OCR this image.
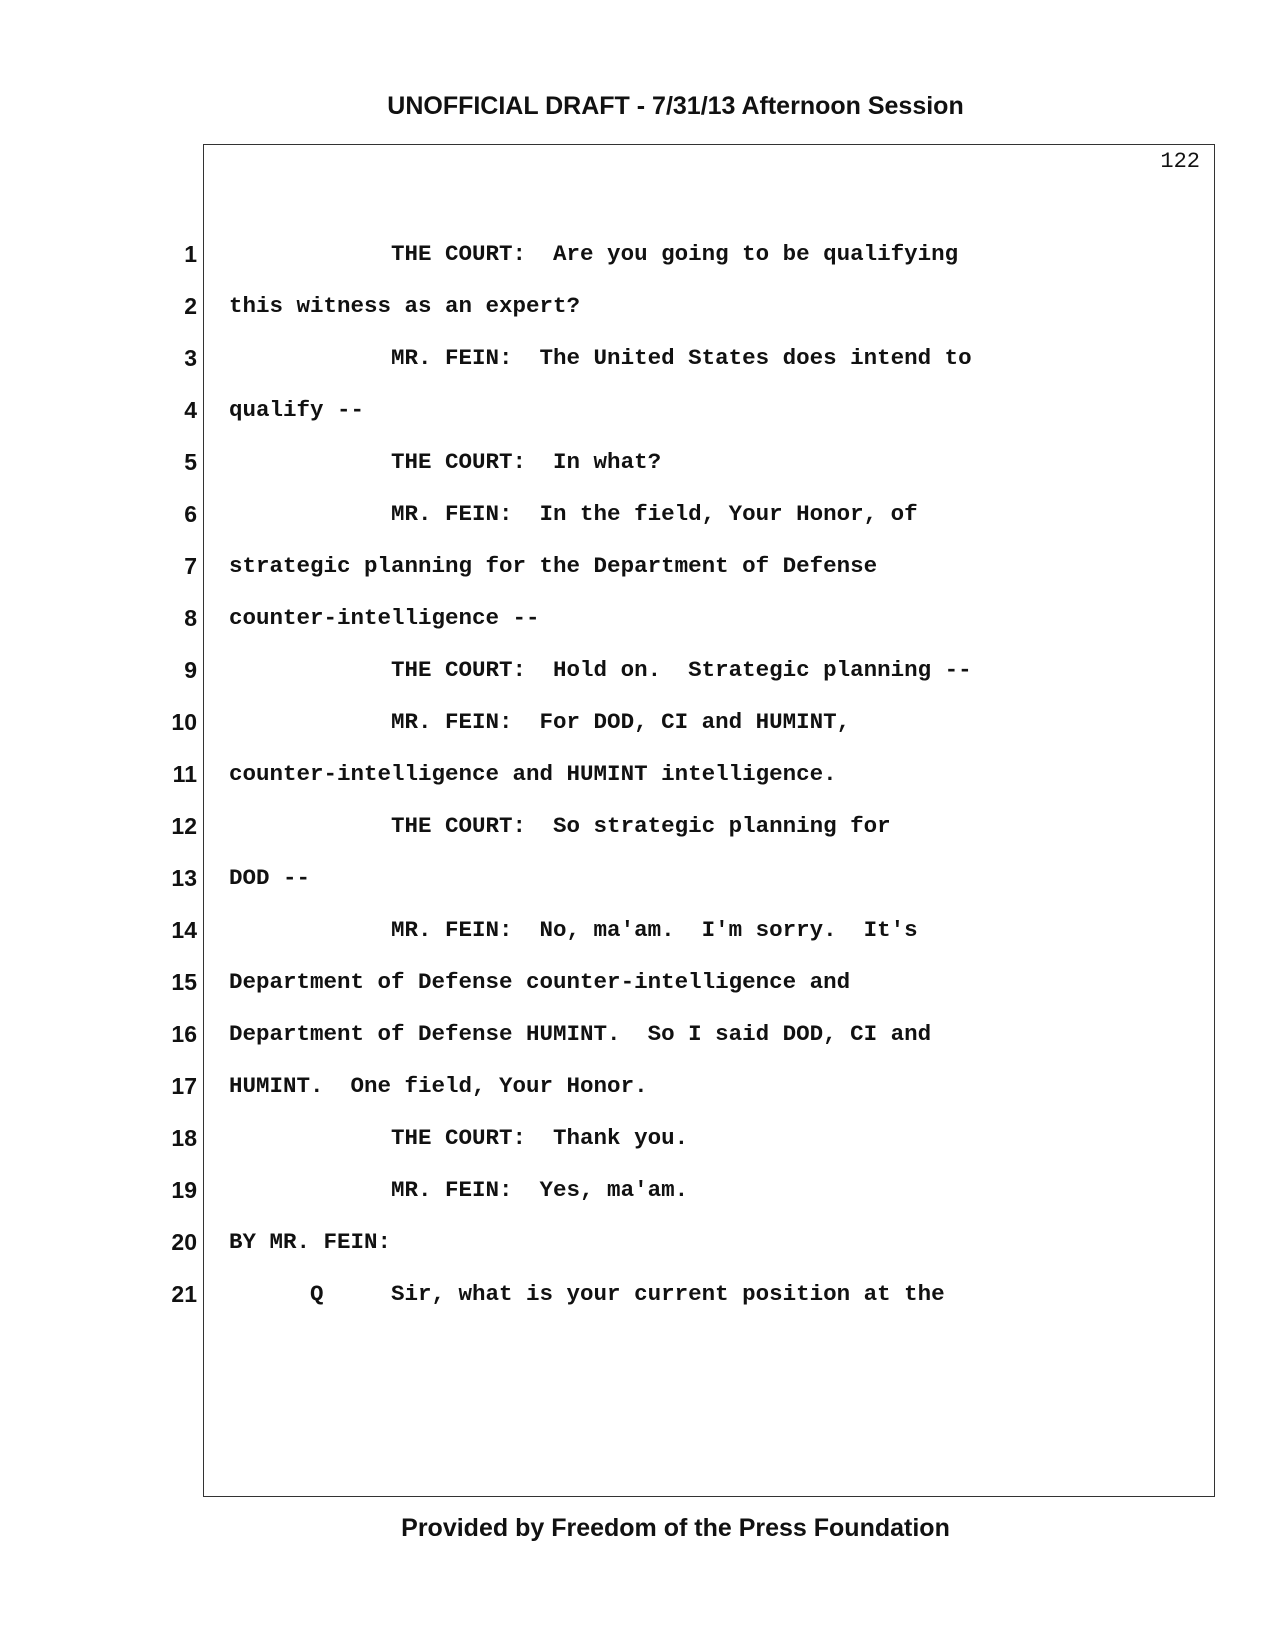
UNOFFICIAL DRAFT - 7/31/13 Afternoon Session
122
1 THE COURT:  Are you going to be qualifying
2 this witness as an expert?
3 MR. FEIN:  The United States does intend to
4 qualify --
5 THE COURT:  In what?
6 MR. FEIN:  In the field, Your Honor, of
7 strategic planning for the Department of Defense
8 counter-intelligence --
9 THE COURT:  Hold on.  Strategic planning --
10 MR. FEIN:  For DOD, CI and HUMINT,
11 counter-intelligence and HUMINT intelligence.
12 THE COURT:  So strategic planning for
13 DOD --
14 MR. FEIN:  No, ma'am.  I'm sorry.  It's
15 Department of Defense counter-intelligence and
16 Department of Defense HUMINT.  So I said DOD, CI and
17 HUMINT.  One field, Your Honor.
18 THE COURT:  Thank you.
19 MR. FEIN:  Yes, ma'am.
20 BY MR. FEIN:
21 Q     Sir, what is your current position at the
Provided by Freedom of the Press Foundation
